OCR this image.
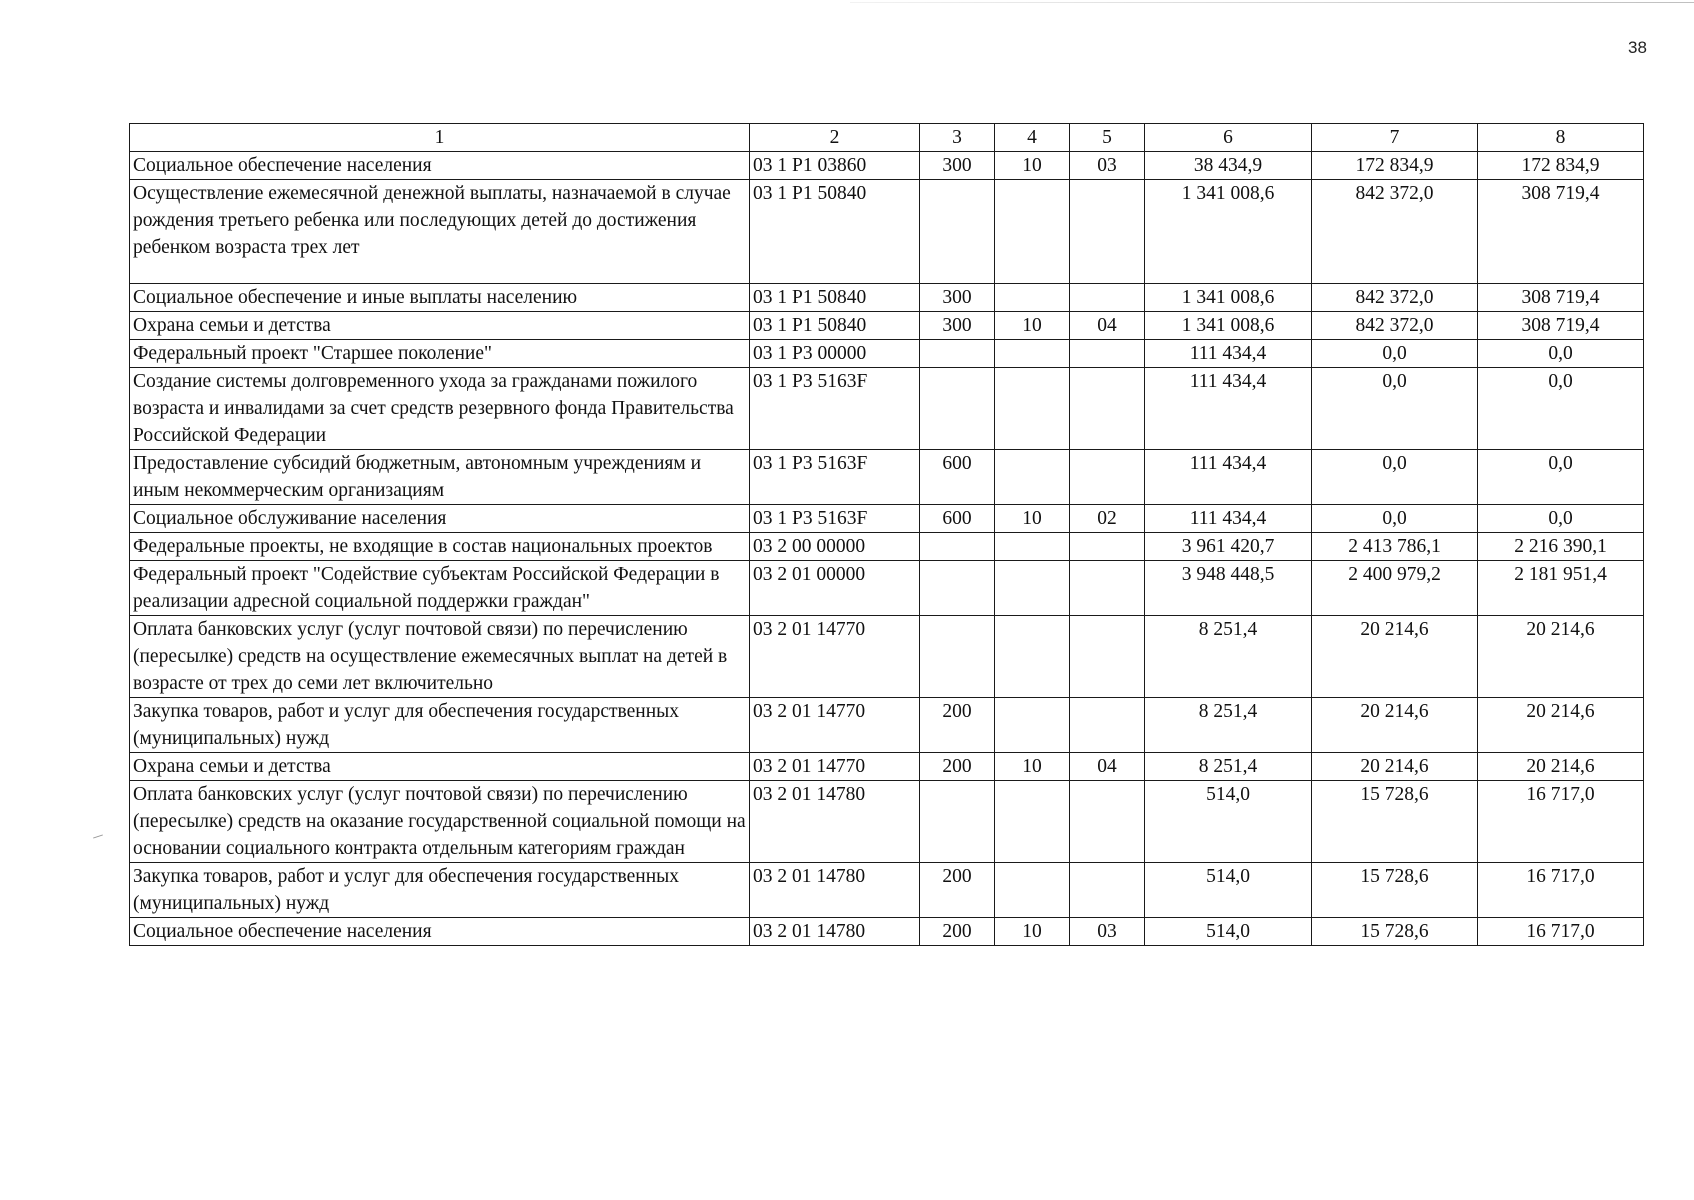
38
1	2	3	4	5	6	7	8
Социальное обеспечение населения	03 1 P1 03860	300	10	03	38 434,9	172 834,9	172 834,9
Осуществление ежемесячной денежной выплаты, назначаемой в случае рождения третьего ребенка или последующих детей до достижения ребенком возраста трех лет	03 1 P1 50840				1 341 008,6	842 372,0	308 719,4
Социальное обеспечение и иные выплаты населению	03 1 P1 50840	300			1 341 008,6	842 372,0	308 719,4
Охрана семьи и детства	03 1 P1 50840	300	10	04	1 341 008,6	842 372,0	308 719,4
Федеральный проект "Старшее поколение"	03 1 P3 00000				111 434,4	0,0	0,0
Создание системы долговременного ухода за гражданами пожилого возраста и инвалидами за счет средств резервного фонда Правительства Российской Федерации	03 1 P3 5163F				111 434,4	0,0	0,0
Предоставление субсидий бюджетным, автономным учреждениям и иным некоммерческим организациям	03 1 P3 5163F	600			111 434,4	0,0	0,0
Социальное обслуживание населения	03 1 P3 5163F	600	10	02	111 434,4	0,0	0,0
Федеральные проекты, не входящие в состав национальных проектов	03 2 00 00000				3 961 420,7	2 413 786,1	2 216 390,1
Федеральный проект "Содействие субъектам Российской Федерации в реализации адресной социальной поддержки граждан"	03 2 01 00000				3 948 448,5	2 400 979,2	2 181 951,4
Оплата банковских услуг (услуг почтовой связи) по перечислению (пересылке) средств на осуществление ежемесячных выплат на детей в возрасте от трех до семи лет включительно	03 2 01 14770				8 251,4	20 214,6	20 214,6
Закупка товаров, работ и услуг для обеспечения государственных (муниципальных) нужд	03 2 01 14770	200			8 251,4	20 214,6	20 214,6
Охрана семьи и детства	03 2 01 14770	200	10	04	8 251,4	20 214,6	20 214,6
Оплата банковских услуг (услуг почтовой связи) по перечислению (пересылке) средств на оказание государственной социальной помощи на основании социального контракта отдельным категориям граждан	03 2 01 14780				514,0	15 728,6	16 717,0
Закупка товаров, работ и услуг для обеспечения государственных (муниципальных) нужд	03 2 01 14780	200			514,0	15 728,6	16 717,0
Социальное обеспечение населения	03 2 01 14780	200	10	03	514,0	15 728,6	16 717,0
